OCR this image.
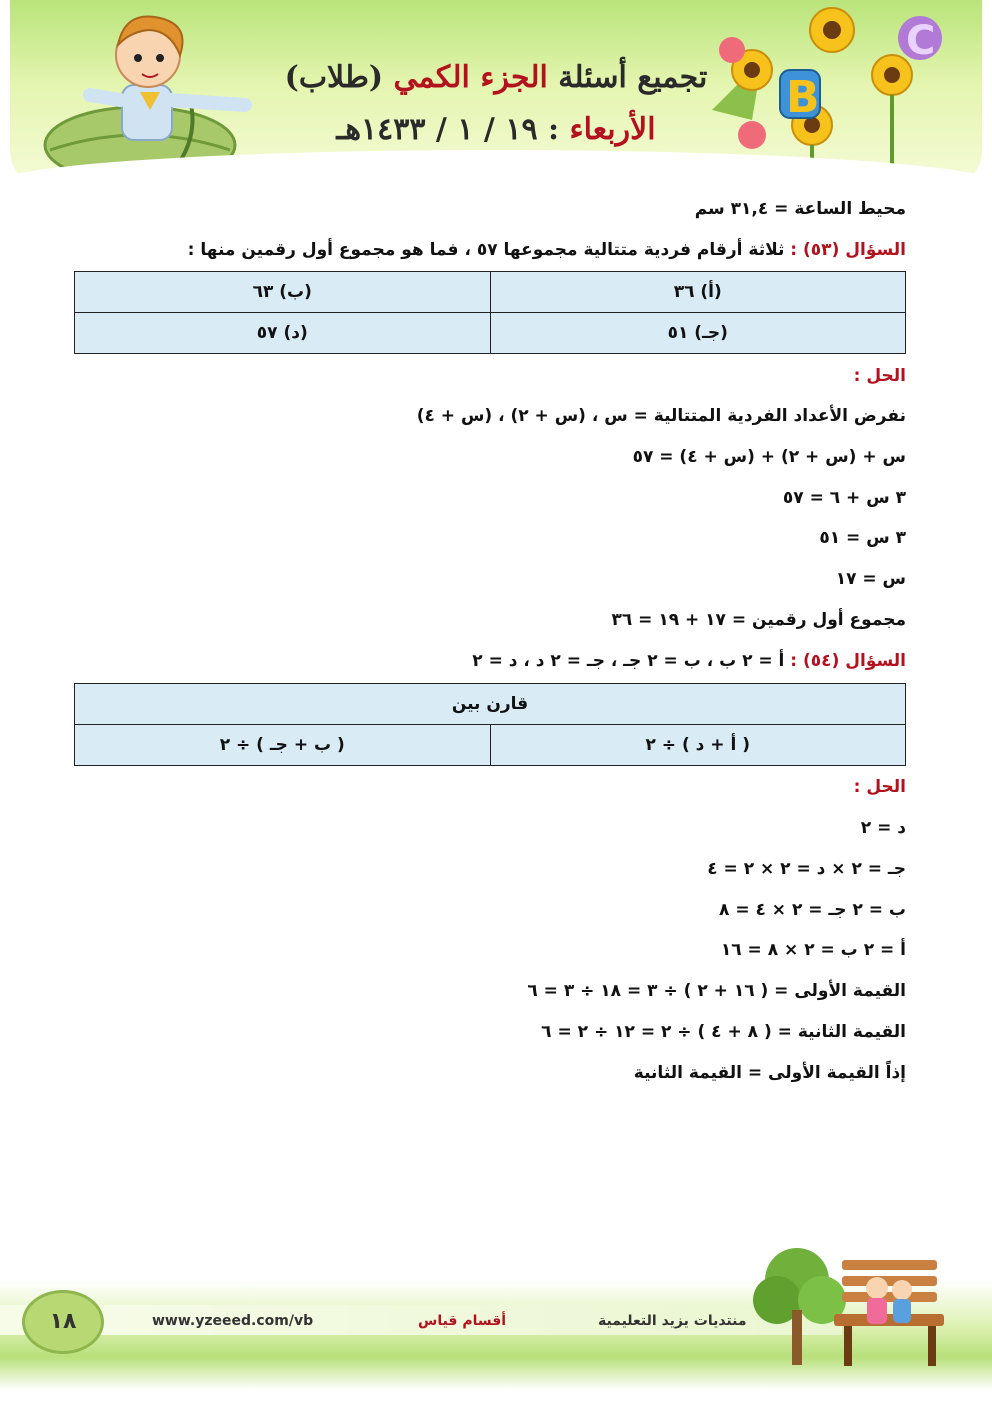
B
C
تجميع أسئلة الجزء الكمي (طلاب)
الأربعاء : ١٩ / ١ / ١٤٣٣هـ
محيط الساعة = ٣١,٤ سم
السؤال (٥٣) : ثلاثة أرقام فردية متتالية مجموعها ٥٧ ، فما هو مجموع أول رقمين منها :
(أ) ٣٦	(ب) ٦٣
(جـ) ٥١	(د) ٥٧
الحل :
نفرض الأعداد الفردية المتتالية = س ، (س + ٢) ، (س + ٤)
س + (س + ٢) + (س + ٤) = ٥٧
٣ س + ٦ = ٥٧
٣ س = ٥١
س = ١٧
مجموع أول رقمين = ١٧ + ١٩ = ٣٦
السؤال (٥٤) : أ = ٢ ب ، ب = ٢ جـ ، جـ = ٢ د ، د = ٢
قارن بين
( أ + د ) ÷ ٢	( ب + جـ ) ÷ ٢
الحل :
د = ٢
جـ = ٢ × د = ٢ × ٢ = ٤
ب = ٢ جـ = ٢ × ٤ = ٨
أ = ٢ ب = ٢ × ٨ = ١٦
القيمة الأولى = ( ١٦ + ٢ ) ÷ ٣ = ١٨ ÷ ٣ = ٦
القيمة الثانية = ( ٨ + ٤ ) ÷ ٢ = ١٢ ÷ ٢ = ٦
إذاً القيمة الأولى = القيمة الثانية
١٨	www.yzeeed.com/vb	أقسام قياس	منتديات يزيد التعليمية
